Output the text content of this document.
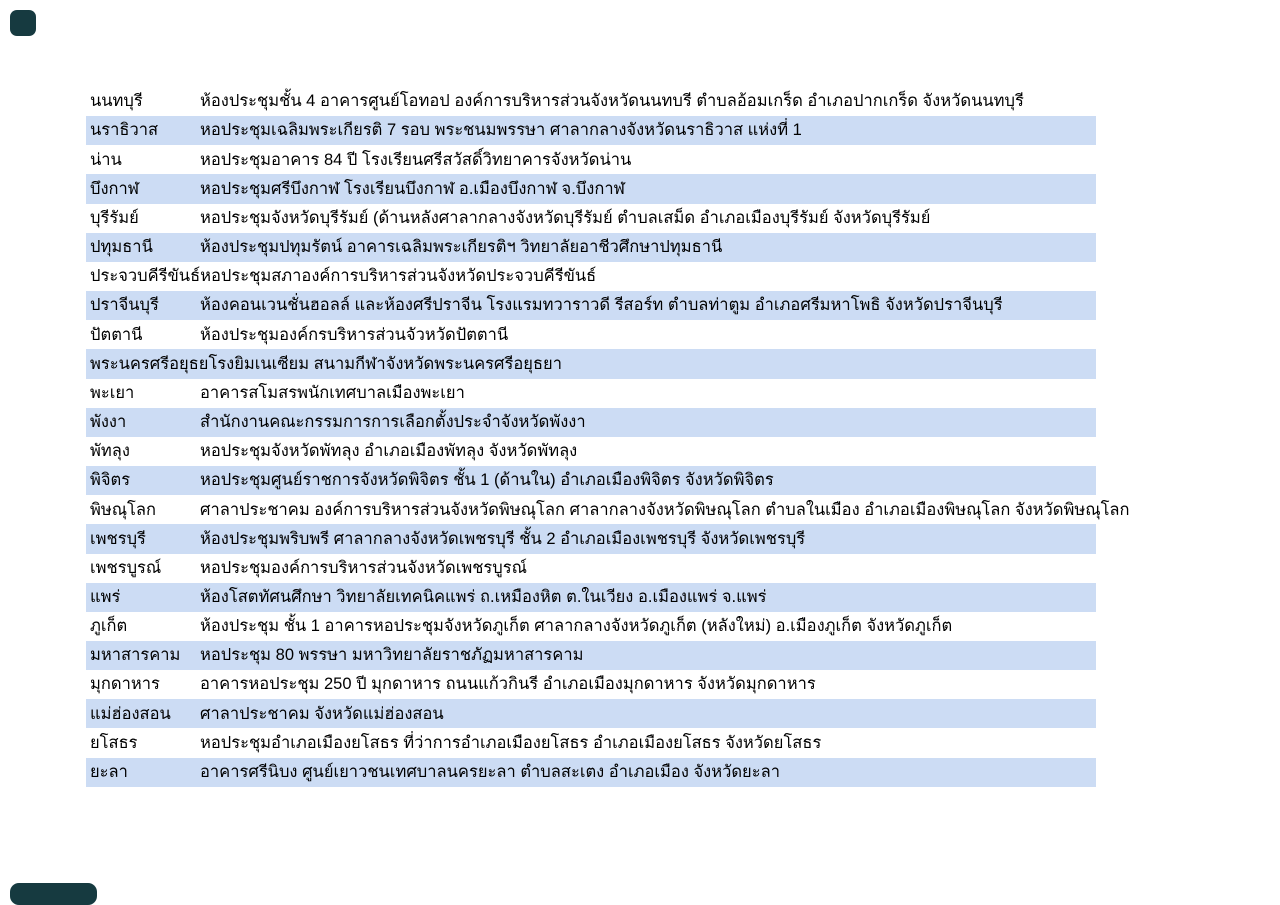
นนทบุรี	ห้องประชุมชั้น 4 อาคารศูนย์โอทอป องค์การบริหารส่วนจังหวัดนนทบรี ตำบลอ้อมเกร็ด อำเภอปากเกร็ด จังหวัดนนทบุรี
นราธิวาส	หอประชุมเฉลิมพระเกียรติ 7 รอบ พระชนมพรรษา ศาลากลางจังหวัดนราธิวาส แห่งที่ 1
น่าน	หอประชุมอาคาร 84 ปี โรงเรียนศรีสวัสดิ์วิทยาคารจังหวัดน่าน
บึงกาฬ	หอประชุมศรีบึงกาฬ โรงเรียนบึงกาฬ อ.เมืองบึงกาฬ จ.บึงกาฬ
บุรีรัมย์	หอประชุมจังหวัดบุรีรัมย์ (ด้านหลังศาลากลางจังหวัดบุรีรัมย์ ตำบลเสม็ด อำเภอเมืองบุรีรัมย์ จังหวัดบุรีรัมย์
ปทุมธานี	ห้องประชุมปทุมรัตน์ อาคารเฉลิมพระเกียรติฯ วิทยาลัยอาชีวศึกษาปทุมธานี
ประจวบคีรีขันธ์ หอประชุมสภาองค์การบริหารส่วนจังหวัดประจวบคีรีขันธ์
ปราจีนบุรี	ห้องคอนเวนชั่นฮอลล์ และห้องศรีปราจีน โรงแรมทวาราวดี รีสอร์ท ตำบลท่าตูม อำเภอศรีมหาโพธิ จังหวัดปราจีนบุรี
ปัตตานี	ห้องประชุมองค์กรบริหารส่วนจัวหวัดปัตตานี
พระนครศรีอยุธย โรงยิมเนเซียม สนามกีฬาจังหวัดพระนครศรีอยุธยา
พะเยา	อาคารสโมสรพนักเทศบาลเมืองพะเยา
พังงา	สำนักงานคณะกรรมการการเลือกตั้งประจำจังหวัดพังงา
พัทลุง	หอประชุมจังหวัดพัทลุง อำเภอเมืองพัทลุง จังหวัดพัทลุง
พิจิตร	หอประชุมศูนย์ราชการจังหวัดพิจิตร ชั้น 1 (ด้านใน) อำเภอเมืองพิจิตร จังหวัดพิจิตร
พิษณุโลก	ศาลาประชาคม องค์การบริหารส่วนจังหวัดพิษณุโลก ศาลากลางจังหวัดพิษณุโลก ตำบลในเมือง อำเภอเมืองพิษณุโลก จังหวัดพิษณุโลก
เพชรบุรี	ห้องประชุมพริบพรี ศาลากลางจังหวัดเพชรบุรี ชั้น 2 อำเภอเมืองเพชรบุรี จังหวัดเพชรบุรี
เพชรบูรณ์	หอประชุมองค์การบริหารส่วนจังหวัดเพชรบูรณ์
แพร่	ห้องโสตทัศนศึกษา วิทยาลัยเทคนิคแพร่ ถ.เหมืองหิต ต.ในเวียง อ.เมืองแพร่ จ.แพร่
ภูเก็ต	ห้องประชุม ชั้น 1 อาคารหอประชุมจังหวัดภูเก็ต ศาลากลางจังหวัดภูเก็ต (หลังใหม่) อ.เมืองภูเก็ต จังหวัดภูเก็ต
มหาสารคาม	หอประชุม 80 พรรษา มหาวิทยาลัยราชภัฏมหาสารคาม
มุกดาหาร	อาคารหอประชุม 250 ปี มุกดาหาร ถนนแก้วกินรี อำเภอเมืองมุกดาหาร จังหวัดมุกดาหาร
แม่ฮ่องสอน	ศาลาประชาคม จังหวัดแม่ฮ่องสอน
ยโสธร	หอประชุมอำเภอเมืองยโสธร ที่ว่าการอำเภอเมืองยโสธร อำเภอเมืองยโสธร จังหวัดยโสธร
ยะลา	อาคารศรีนิบง ศูนย์เยาวชนเทศบาลนครยะลา ตำบลสะเตง อำเภอเมือง จังหวัดยะลา
